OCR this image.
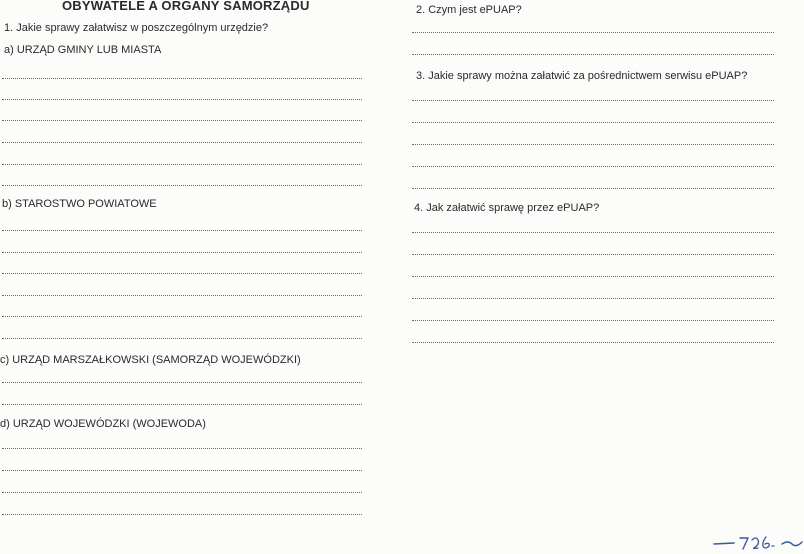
OBYWATELE A ORGANY SAMORZĄDU
1. Jakie sprawy załatwisz w poszczególnym urzędzie?
a) URZĄD GMINY LUB MIASTA
b) STAROSTWO POWIATOWE
c) URZĄD MARSZAŁKOWSKI (SAMORZĄD WOJEWÓDZKI)
d) URZĄD WOJEWÓDZKI (WOJEWODA)
2. Czym jest ePUAP?
3. Jakie sprawy można załatwić za pośrednictwem serwisu ePUAP?
4. Jak załatwić sprawę przez ePUAP?
